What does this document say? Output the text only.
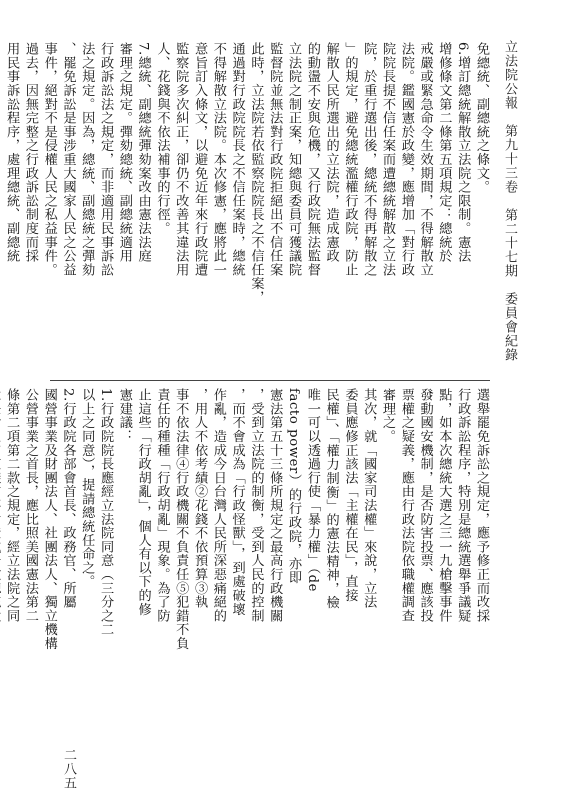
立法院公報　第九十三卷　第二十七期　委員會紀錄
免總統、副總統之條文。
6.增訂總統解散立法院之限制。憲法
增修條文第二條第五項規定：總統於
戒嚴或緊急命令生效期間，不得解散立
法院。鑑國憲於政變，應增加「對行政
院院長提不信任案而遭總統解散之立法
院，於重行選出後，總統不得再解散之
」的規定，避免總統濫權行政院，防止
解散人民所選出的立法院，造成憲政
的動盪不安與危機，又行政院無法監督
立法院之制正案，知總與委員可獲議院
監督院並無法對行政院拒絕出不信任案
此時，立法院若依監察院院長之不信任案，
通過對行政院院長之不信任案時，總統
不得解散立法院。本次修憲，應將此一
意旨訂入條文，以避免近年來行政院遭
監察院多次糾正，卻仍不改善其違法用
人、花錢與不依法補事的行徑。
7.總統、副總統彈劾案改由憲法法庭
審理之規定。彈劾總統、副總統適用
行政訴訟法之規定，而非適用民事訴訟
法之規定。因為，總統、副總統之彈劾
、罷免訴訟是事涉重大國家人民之公益
事件，絕對不是侵權人民之私益事件。
過去，因無完整之行政訴訟制度而採
用民事訴訟程序，處理總統、副總統
選舉罷免訴訟之規定，應予修正而改採
行政訴訟程序，特別是總統選舉爭議疑
點，如本次總統大選之三一九槍擊事件
發動國安機制，是否防害投票、應該投
票權之疑義，應由行政法院依職權調查
審理之。
其次，就「國家司法權」來說，立法
委員應修正該法「主權在民」，直接
民權」、「權力制衡」的憲法精神，檢
唯一可以透過行使「暴力權」（de
facto power）的行政院，亦即
憲法第五十三條所規定之最高行政機關
，受到立法院的制衡，受到人民的控制
，而不會成為「行政怪獸」，到處破壞
作亂，造成今日台灣人民所深惡痛絕的
，用人不依考績②花錢不依預算③執
事不依法律④行政機關不負責任⑤犯錯不負
責任的種種「行政胡亂」現象。為了防
止這些「行政胡亂」，個人有以下的修
憲建議：
1.行政院院長應經立法院同意（三分之二
以上之同意），提請總統任命之。
2.行政院各部會首長、政務官、所屬
國營事業及財團法人、社團法人、獨立機構
公營事業之首長，應比照美國憲法第二
條第二項第二款之規定，經立法院之同
二八五
